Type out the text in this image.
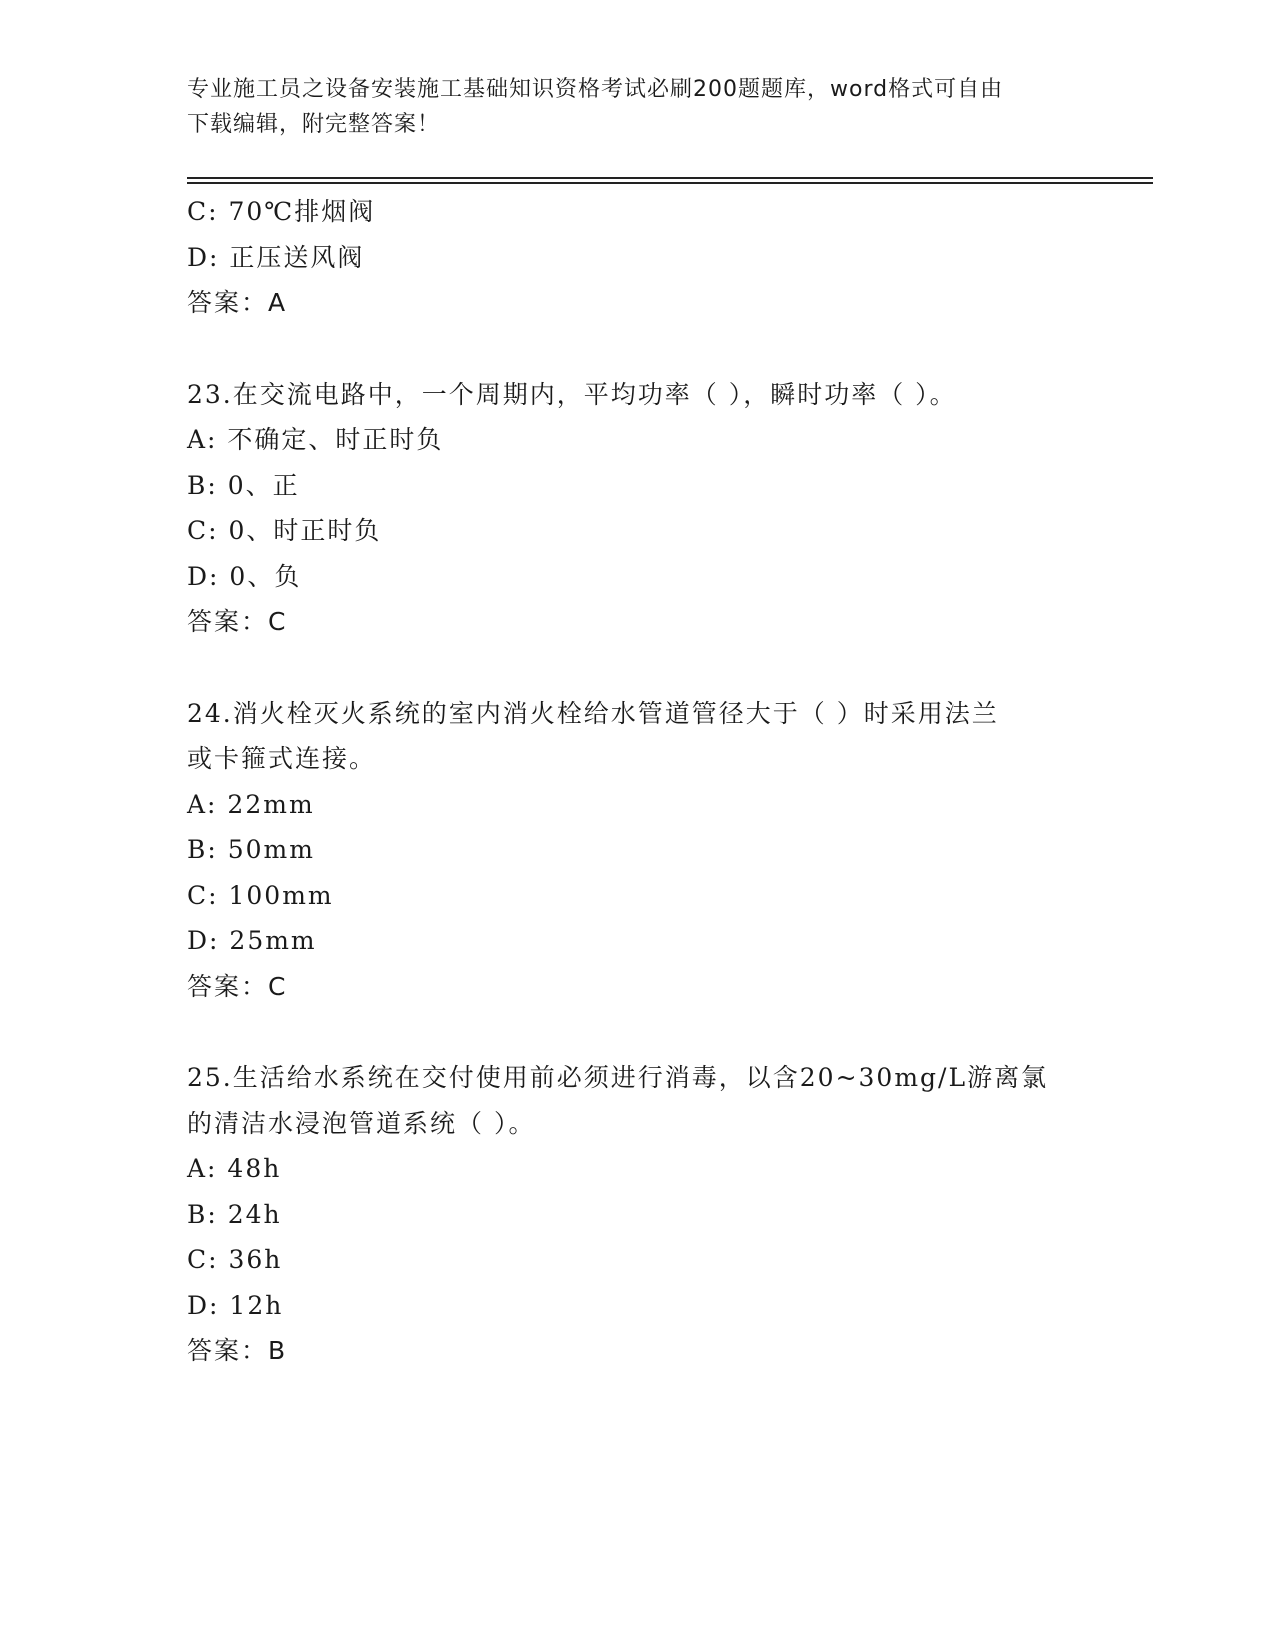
专业施工员之设备安装施工基础知识资格考试必刷200题题库，word格式可自由
下载编辑，附完整答案！
C: 70℃排烟阀
D: 正压送风阀
答案：A
23.在交流电路中，一个周期内，平均功率（ ），瞬时功率（ ）。
A: 不确定、时正时负
B: 0、正
C: 0、时正时负
D: 0、负
答案：C
24.消火栓灭火系统的室内消火栓给水管道管径大于（ ）时采用法兰
或卡箍式连接。
A: 22mm
B: 50mm
C: 100mm
D: 25mm
答案：C
25.生活给水系统在交付使用前必须进行消毒，以含20~30mg/L游离氯
的清洁水浸泡管道系统（ ）。
A: 48h
B: 24h
C: 36h
D: 12h
答案：B
